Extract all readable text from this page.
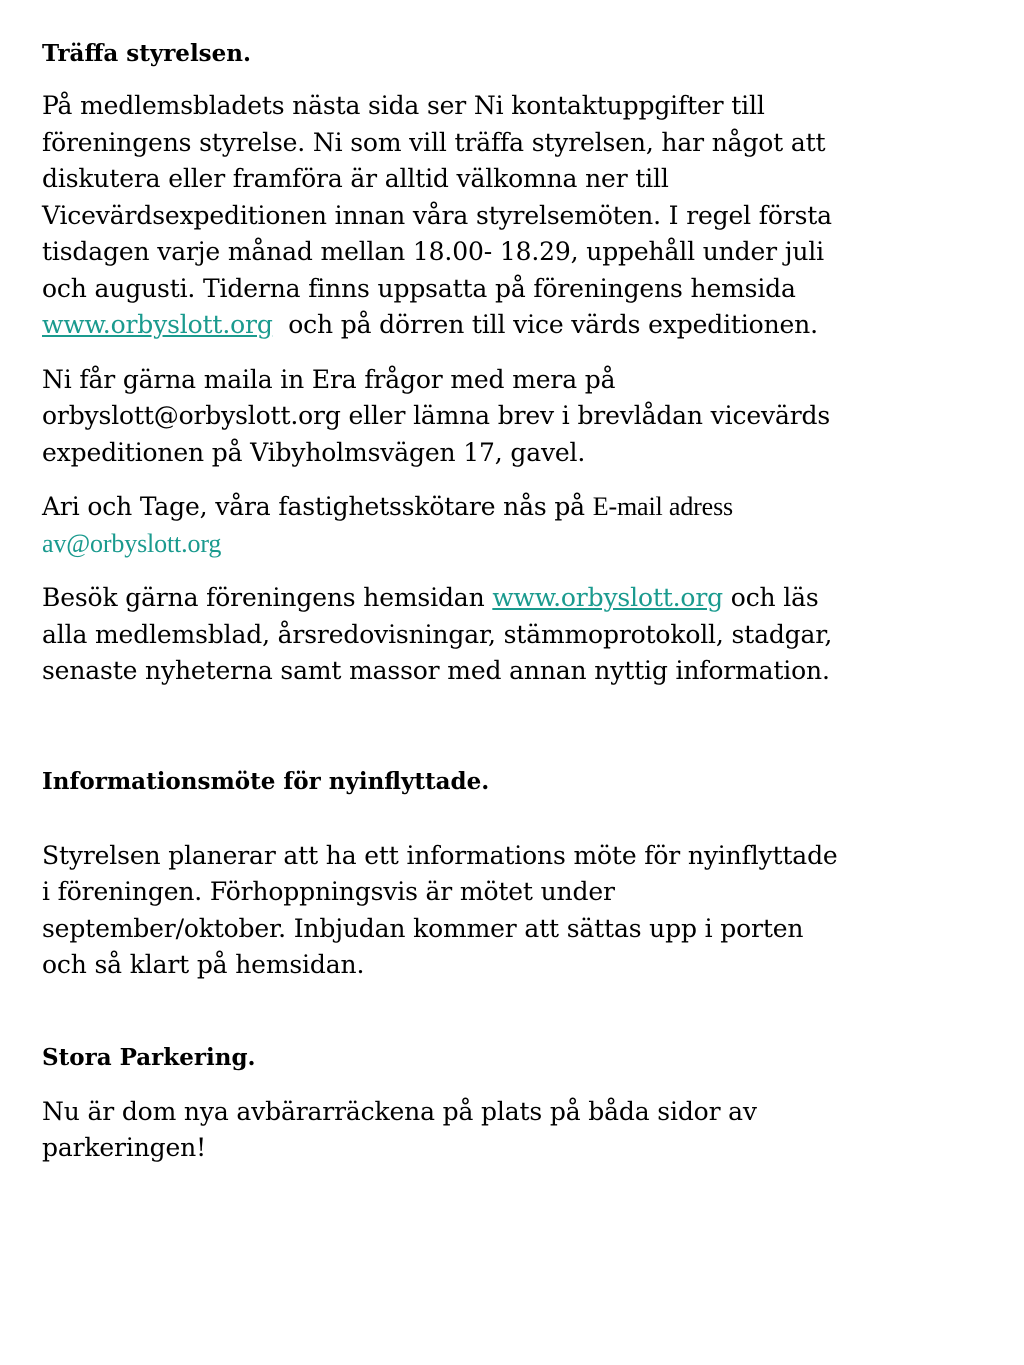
Träffa styrelsen.

På medlemsbladets nästa sida ser Ni kontaktuppgifter till
föreningens styrelse. Ni som vill träffa styrelsen, har något att
diskutera eller framföra är alltid välkomna ner till
Vicevärdsexpeditionen innan våra styrelsemöten. I regel första
tisdagen varje månad mellan 18.00- 18.29, uppehåll under juli
och augusti. Tiderna finns uppsatta på föreningens hemsida
www.orbyslott.org  och på dörren till vice värds expeditionen.

Ni får gärna maila in Era frågor med mera på
orbyslott@orbyslott.org eller lämna brev i brevlådan vicevärds
expeditionen på Vibyholmsvägen 17, gavel.

Ari och Tage, våra fastighetsskötare nås på E-mail adress
av@orbyslott.org

Besök gärna föreningens hemsidan www.orbyslott.org och läs
alla medlemsblad, årsredovisningar, stämmoprotokoll, stadgar,
senaste nyheterna samt massor med annan nyttig information.

Informationsmöte för nyinflyttade.

Styrelsen planerar att ha ett informations möte för nyinflyttade
i föreningen. Förhoppningsvis är mötet under
september/oktober. Inbjudan kommer att sättas upp i porten
och så klart på hemsidan.

Stora Parkering.

Nu är dom nya avbärarräckena på plats på båda sidor av
parkeringen!
